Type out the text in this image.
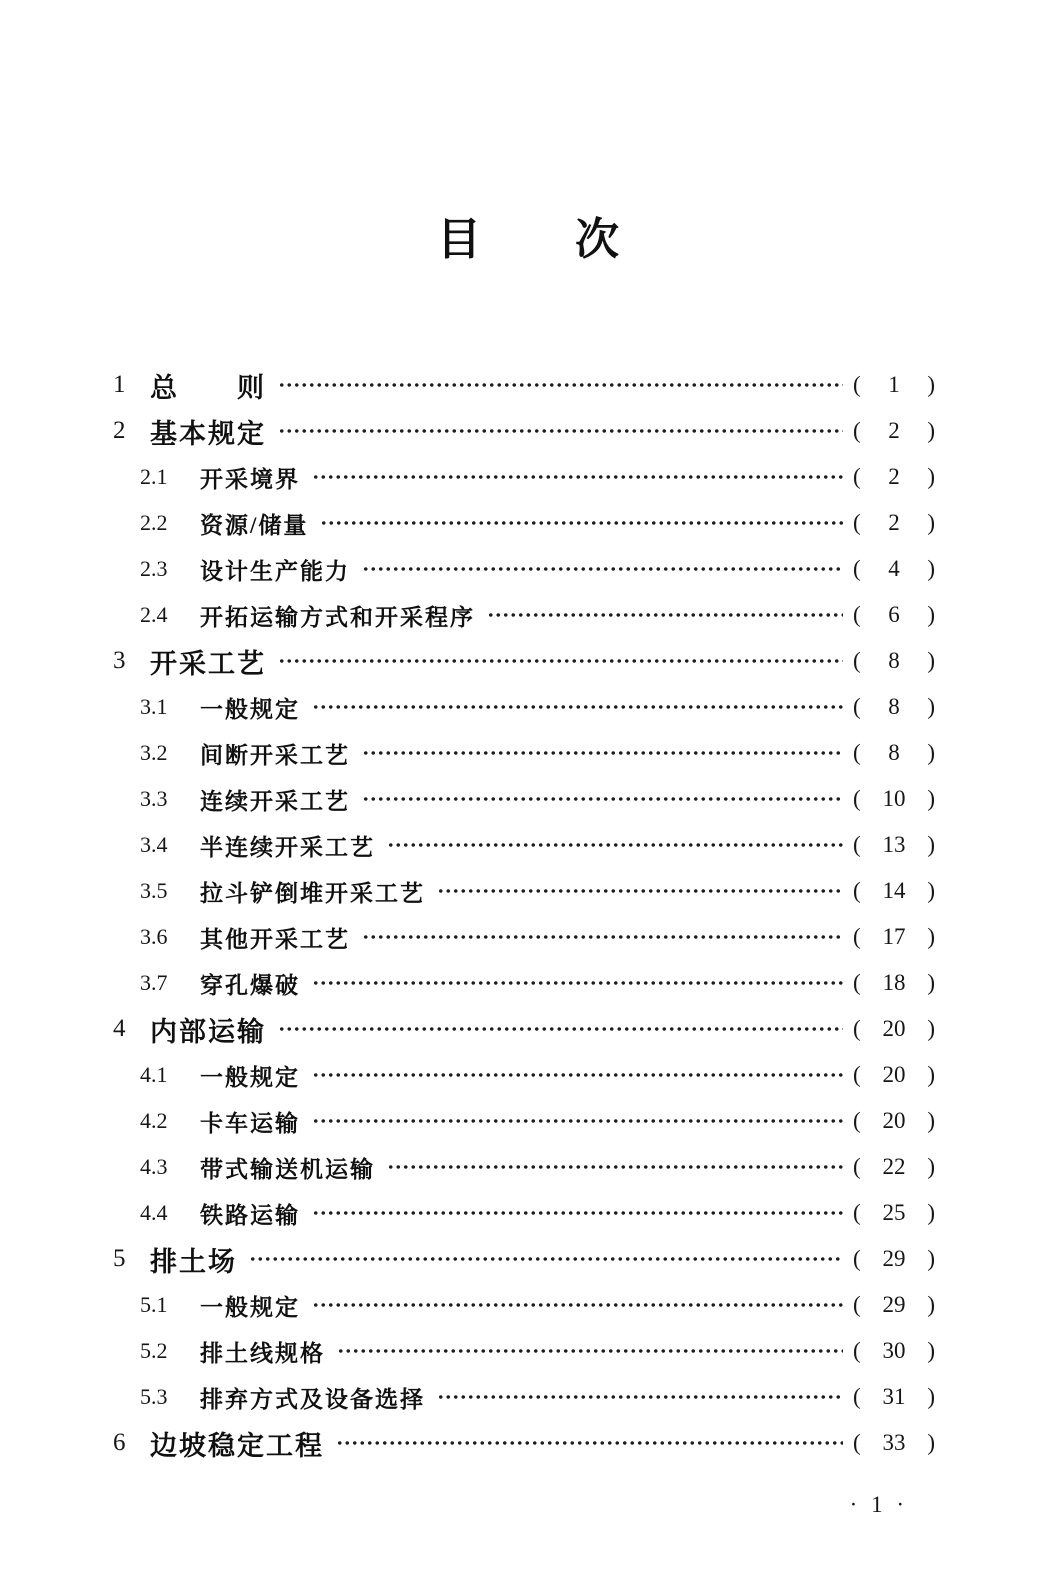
目　　次
1 总　　则	( 1 )
2 基本规定	( 2 )
2.1	开采境界	( 2 )
2.2	资源/储量	( 2 )
2.3	设计生产能力	( 4 )
2.4	开拓运输方式和开采程序	( 6 )
3 开采工艺	( 8 )
3.1	一般规定	( 8 )
3.2	间断开采工艺	( 8 )
3.3	连续开采工艺	( 10 )
3.4	半连续开采工艺	( 13 )
3.5	拉斗铲倒堆开采工艺	( 14 )
3.6	其他开采工艺	( 17 )
3.7	穿孔爆破	( 18 )
4 内部运输	( 20 )
4.1	一般规定	( 20 )
4.2	卡车运输	( 20 )
4.3	带式输送机运输	( 22 )
4.4	铁路运输	( 25 )
5 排土场	( 29 )
5.1	一般规定	( 29 )
5.2	排土线规格	( 30 )
5.3	排弃方式及设备选择	( 31 )
6 边坡稳定工程	( 33 )
· 1 ·
